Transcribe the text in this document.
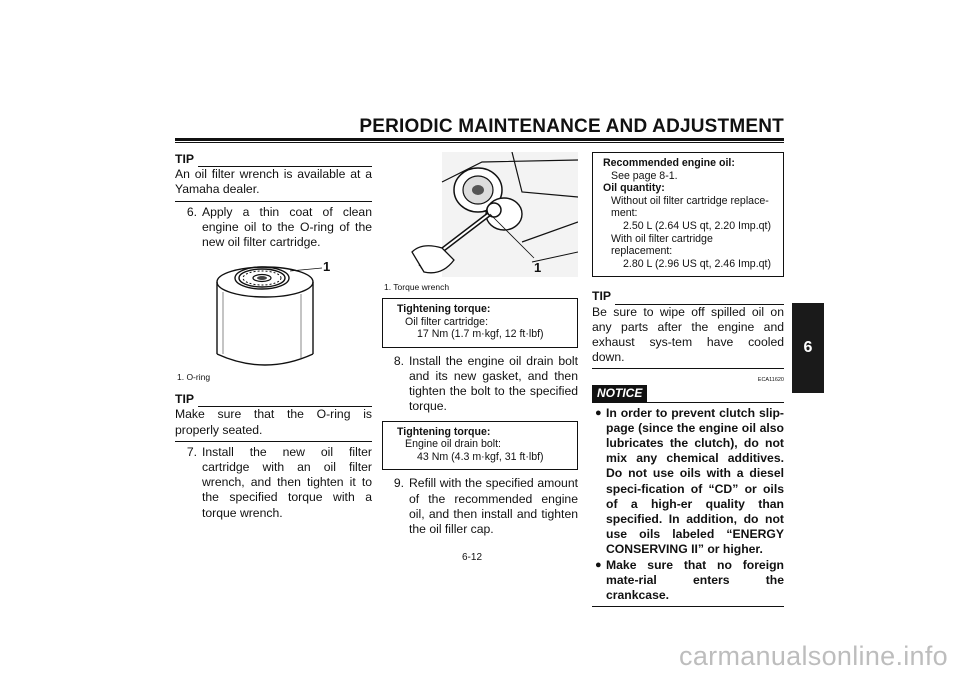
PERIODIC MAINTENANCE AND ADJUSTMENT
6
TIP
An oil filter wrench is available at a Yamaha dealer.
6. Apply a thin coat of clean engine oil to the O-ring of the new oil filter cartridge.
1
1. O-ring
TIP
Make sure that the O-ring is properly seated.
7. Install the new oil filter cartridge with an oil filter wrench, and then tighten it to the specified torque with a torque wrench.
1
1. Torque wrench
Tightening torque:
Oil filter cartridge:
17 Nm (1.7 m·kgf, 12 ft·lbf)
8. Install the engine oil drain bolt and its new gasket, and then tighten the bolt to the specified torque.
Tightening torque:
Engine oil drain bolt:
43 Nm (4.3 m·kgf, 31 ft·lbf)
9. Refill with the specified amount of the recommended engine oil, and then install and tighten the oil filler cap.
Recommended engine oil:
See page 8-1.
Oil quantity:
Without oil filter cartridge replace-
ment:
2.50 L (2.64 US qt, 2.20 Imp.qt)
With oil filter cartridge replacement:
2.80 L (2.96 US qt, 2.46 Imp.qt)
TIP
Be sure to wipe off spilled oil on any parts after the engine and exhaust sys-tem have cooled down.
ECA11620
NOTICE
● In order to prevent clutch slip-page (since the engine oil also lubricates the clutch), do not mix any chemical additives. Do not use oils with a diesel speci-fication of “CD” or oils of a high-er quality than specified. In addition, do not use oils labeled “ENERGY CONSERVING II” or higher.
● Make sure that no foreign mate-rial enters the crankcase.
6-12
carmanualsonline.info
